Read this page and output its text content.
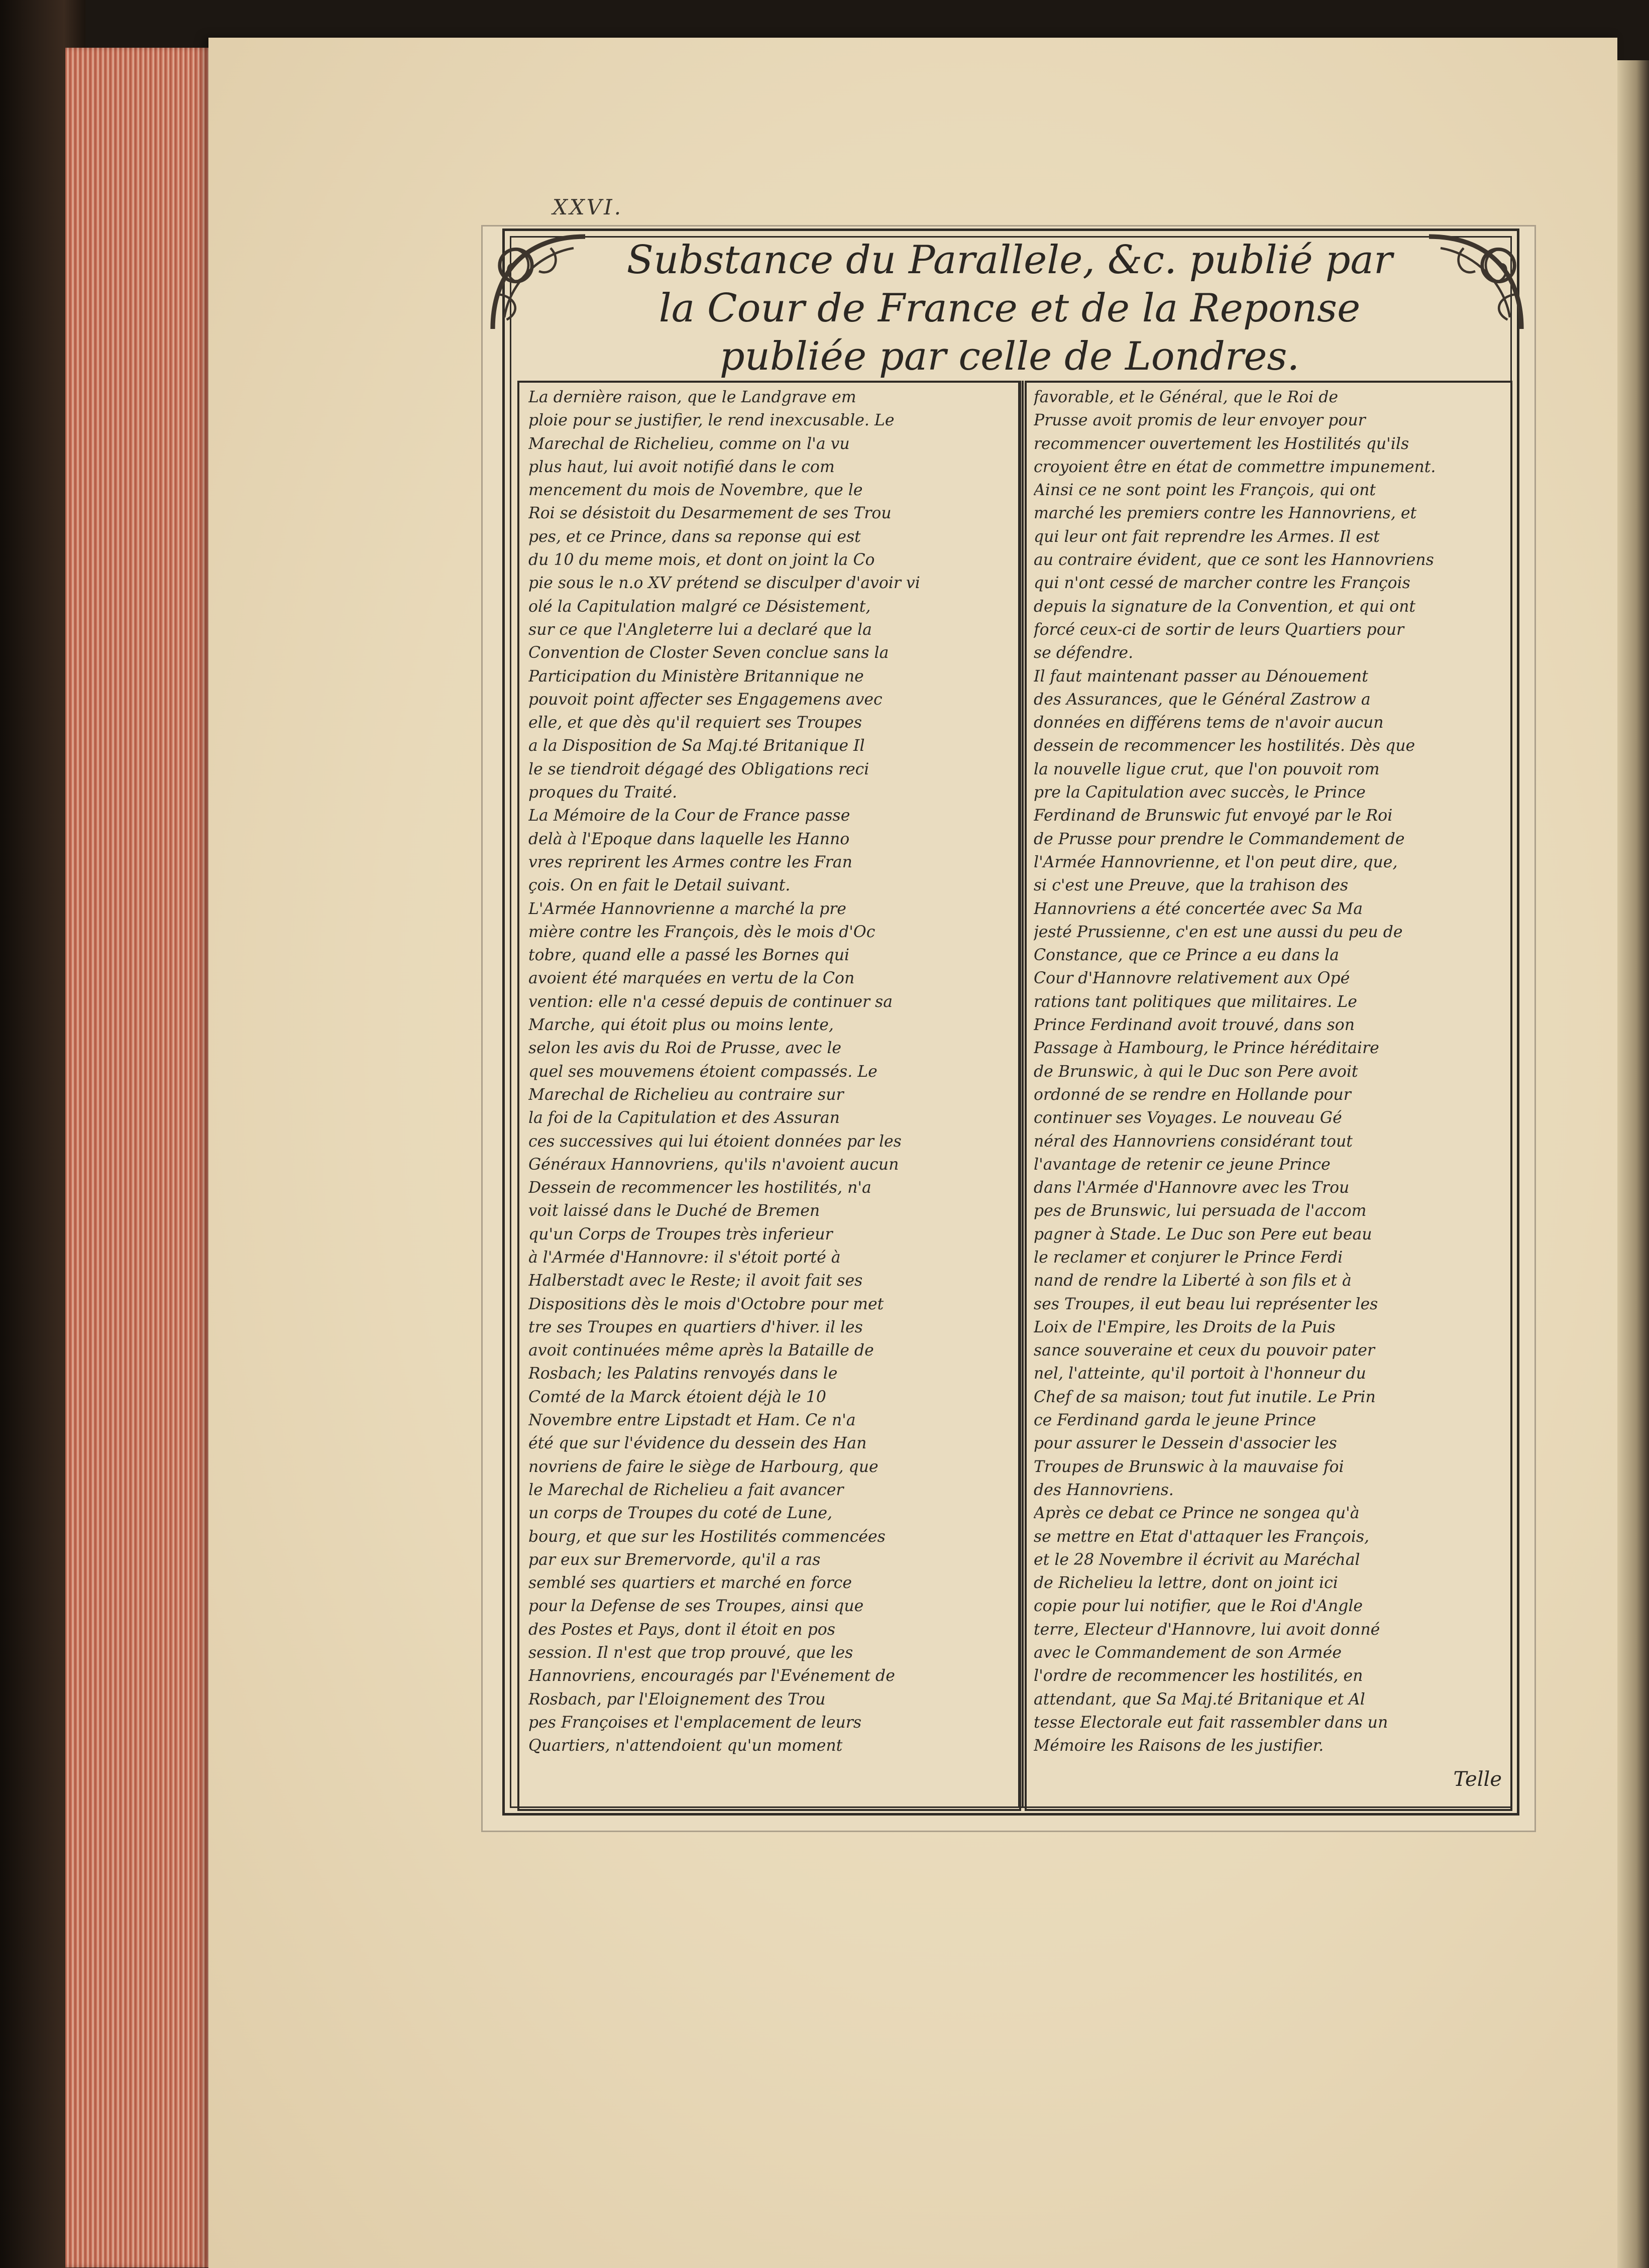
XXVI.
Substance du Parallele, &c. publié par
la Cour de France et de la Reponse
publiée par celle de Londres.
La dernière raison, que le Landgrave em
ploie pour se justifier, le rend inexcusable. Le
Marechal de Richelieu, comme on l'a vu
plus haut, lui avoit notifié dans le com
mencement du mois de Novembre, que le
Roi se désistoit du Desarmement de ses Trou
pes, et ce Prince, dans sa reponse qui est
du 10 du meme mois, et dont on joint la Co
pie sous le n.o XV prétend se disculper d'avoir vi
olé la Capitulation malgré ce Désistement,
sur ce que l'Angleterre lui a declaré que la
Convention de Closter Seven conclue sans la
Participation du Ministère Britannique ne
pouvoit point affecter ses Engagemens avec
elle, et que dès qu'il requiert ses Troupes
a la Disposition de Sa Maj.té Britanique Il
le se tiendroit dégagé des Obligations reci
proques du Traité.
La Mémoire de la Cour de France passe
delà à l'Epoque dans laquelle les Hanno
vres reprirent les Armes contre les Fran
çois. On en fait le Detail suivant.
L'Armée Hannovrienne a marché la pre
mière contre les François, dès le mois d'Oc
tobre, quand elle a passé les Bornes qui
avoient été marquées en vertu de la Con
vention: elle n'a cessé depuis de continuer sa
Marche, qui étoit plus ou moins lente,
selon les avis du Roi de Prusse, avec le
quel ses mouvemens étoient compassés. Le
Marechal de Richelieu au contraire sur
la foi de la Capitulation et des Assuran
ces successives qui lui étoient données par les
Généraux Hannovriens, qu'ils n'avoient aucun
Dessein de recommencer les hostilités, n'a
voit laissé dans le Duché de Bremen
qu'un Corps de Troupes très inferieur
à l'Armée d'Hannovre: il s'étoit porté à
Halberstadt avec le Reste; il avoit fait ses
Dispositions dès le mois d'Octobre pour met
tre ses Troupes en quartiers d'hiver. il les
avoit continuées même après la Bataille de
Rosbach; les Palatins renvoyés dans le
Comté de la Marck étoient déjà le 10
Novembre entre Lipstadt et Ham. Ce n'a
été que sur l'évidence du dessein des Han
novriens de faire le siège de Harbourg, que
le Marechal de Richelieu a fait avancer
un corps de Troupes du coté de Lune,
bourg, et que sur les Hostilités commencées
par eux sur Bremervorde, qu'il a ras
semblé ses quartiers et marché en force
pour la Defense de ses Troupes, ainsi que
des Postes et Pays, dont il étoit en pos
session. Il n'est que trop prouvé, que les
Hannovriens, encouragés par l'Evénement de
Rosbach, par l'Eloignement des Trou
pes Françoises et l'emplacement de leurs
Quartiers, n'attendoient qu'un moment
favorable, et le Général, que le Roi de
Prusse avoit promis de leur envoyer pour
recommencer ouvertement les Hostilités qu'ils
croyoient être en état de commettre impunement.
Ainsi ce ne sont point les François, qui ont
marché les premiers contre les Hannovriens, et
qui leur ont fait reprendre les Armes. Il est
au contraire évident, que ce sont les Hannovriens
qui n'ont cessé de marcher contre les François
depuis la signature de la Convention, et qui ont
forcé ceux-ci de sortir de leurs Quartiers pour
se défendre.
Il faut maintenant passer au Dénouement
des Assurances, que le Général Zastrow a
données en différens tems de n'avoir aucun
dessein de recommencer les hostilités. Dès que
la nouvelle ligue crut, que l'on pouvoit rom
pre la Capitulation avec succès, le Prince
Ferdinand de Brunswic fut envoyé par le Roi
de Prusse pour prendre le Commandement de
l'Armée Hannovrienne, et l'on peut dire, que,
si c'est une Preuve, que la trahison des
Hannovriens a été concertée avec Sa Ma
jesté Prussienne, c'en est une aussi du peu de
Constance, que ce Prince a eu dans la
Cour d'Hannovre relativement aux Opé
rations tant politiques que militaires. Le
Prince Ferdinand avoit trouvé, dans son
Passage à Hambourg, le Prince héréditaire
de Brunswic, à qui le Duc son Pere avoit
ordonné de se rendre en Hollande pour
continuer ses Voyages. Le nouveau Gé
néral des Hannovriens considérant tout
l'avantage de retenir ce jeune Prince
dans l'Armée d'Hannovre avec les Trou
pes de Brunswic, lui persuada de l'accom
pagner à Stade. Le Duc son Pere eut beau
le reclamer et conjurer le Prince Ferdi
nand de rendre la Liberté à son fils et à
ses Troupes, il eut beau lui représenter les
Loix de l'Empire, les Droits de la Puis
sance souveraine et ceux du pouvoir pater
nel, l'atteinte, qu'il portoit à l'honneur du
Chef de sa maison; tout fut inutile. Le Prin
ce Ferdinand garda le jeune Prince
pour assurer le Dessein d'associer les
Troupes de Brunswic à la mauvaise foi
des Hannovriens.
Après ce debat ce Prince ne songea qu'à
se mettre en Etat d'attaquer les François,
et le 28 Novembre il écrivit au Maréchal
de Richelieu la lettre, dont on joint ici
copie pour lui notifier, que le Roi d'Angle
terre, Electeur d'Hannovre, lui avoit donné
avec le Commandement de son Armée
l'ordre de recommencer les hostilités, en
attendant, que Sa Maj.té Britanique et Al
tesse Electorale eut fait rassembler dans un
Mémoire les Raisons de les justifier.
Telle
